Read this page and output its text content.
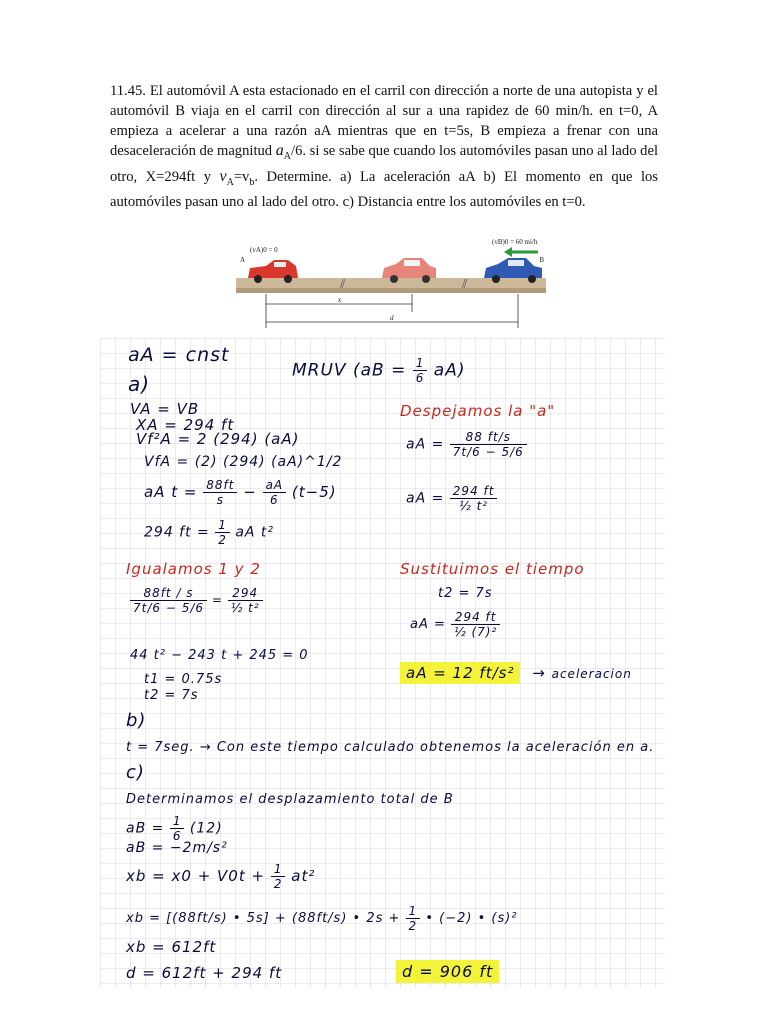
11.45. El automóvil A esta estacionado en el carril con dirección a norte de una autopista y el automóvil B viaja en el carril con dirección al sur a una rapidez de 60 min/h. en t=0, A empieza a acelerar a una razón aA mientras que en t=5s, B empieza a frenar con una desaceleración de magnitud $a_A/6$. si se sabe que cuando los automóviles pasan uno al lado del otro, X=294ft y $v_A=v_b$. Determine. a) La aceleración aA b) El momento en que los automóviles pasan uno al lado del otro. c) Distancia entre los automóviles en t=0.
(vA)0 = 0
(vB)0 = 60 mi/h
A	B
⫽	⫽
x
d
aA = cnst
MRUV $(aB = \frac{1}{6} aA)$
a)
VA = VB
XA = 294 ft
Vf²A = 2 (294) (aA)
VfA = (2) (294) (aA)^1/2
aA $t = \frac{88ft}{s} - \frac{aA}{6} (t-5)$
294 ft = $\frac{1}{2}$ aA t²
Despejamos la "a"
aA = $\frac{88 ft/s}{7t/6 - 5/6}$
aA = $\frac{294 ft}{\text{½ t²}}$
Igualamos 1 y 2
$\frac{88ft / s}{7t/6 - 5/6} = \frac{294}{\text{½ t²}}$
44 t² − 243 t + 245 = 0
t1 = 0.75s
t2 = 7s
Sustituimos el tiempo
t2 = 7s
aA = $\frac{294 ft}{\text{½ (7)²}}$
aA = 12 ft/s² → aceleracion
b)
t = 7seg. → Con este tiempo calculado obtenemos la aceleración en a.
c)
Determinamos el desplazamiento total de B
aB = $\frac{1}{6} (12)$
aB = −2m/s²
xb = $x0 + V0t + \frac{1}{2} at^2$
xb = [(88ft/s) • 5s] + (88ft/s) • $2s + \frac{1}{2}$ • (−2) • (s)²
xb = 612ft
d = 612ft + 294 ft	d = 906 ft
